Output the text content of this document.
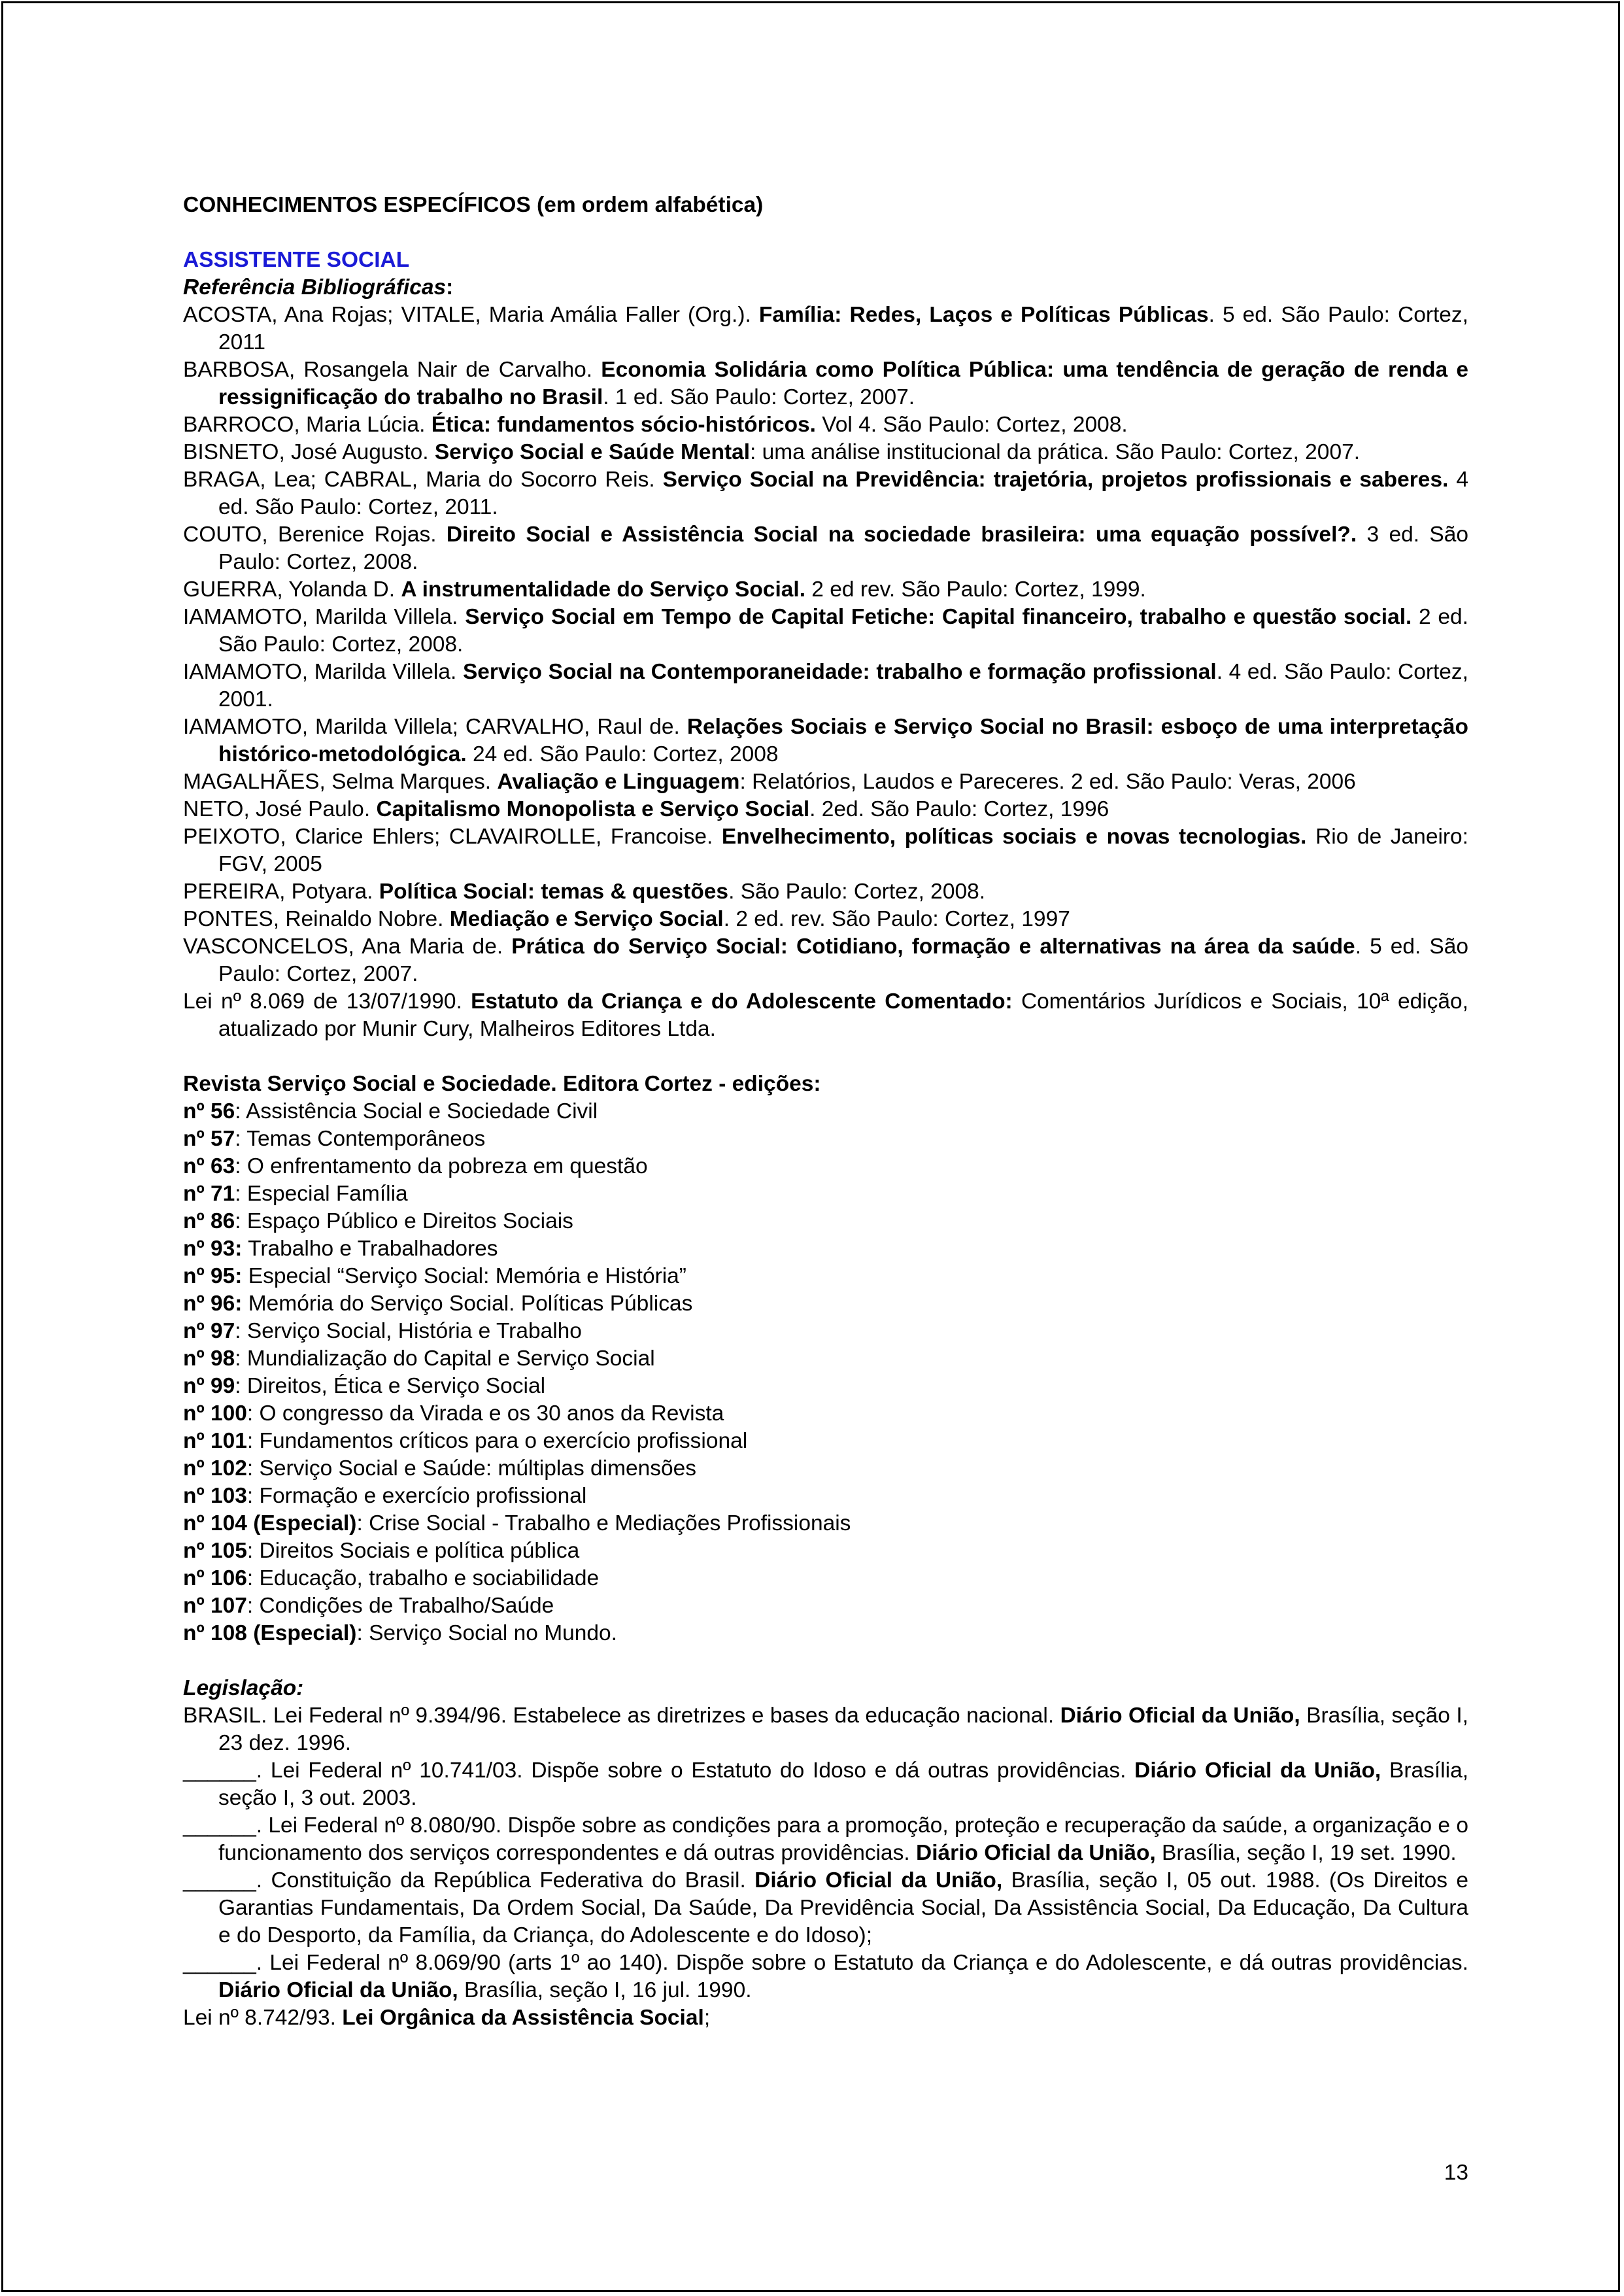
CONHECIMENTOS ESPECÍFICOS (em ordem alfabética)

ASSISTENTE SOCIAL

Referência Bibliográficas:

ACOSTA, Ana Rojas; VITALE, Maria Amália Faller (Org.). Família: Redes, Laços e Políticas Públicas. 5 ed. São Paulo: Cortez, 2011

BARBOSA, Rosangela Nair de Carvalho. Economia Solidária como Política Pública: uma tendência de geração de renda e ressignificação do trabalho no Brasil. 1 ed. São Paulo: Cortez, 2007.

BARROCO, Maria Lúcia. Ética: fundamentos sócio-históricos. Vol 4. São Paulo: Cortez, 2008.

BISNETO, José Augusto. Serviço Social e Saúde Mental: uma análise institucional da prática. São Paulo: Cortez, 2007.

BRAGA, Lea; CABRAL, Maria do Socorro Reis. Serviço Social na Previdência: trajetória, projetos profissionais e saberes. 4 ed. São Paulo: Cortez, 2011.

COUTO, Berenice Rojas. Direito Social e Assistência Social na sociedade brasileira: uma equação possível?. 3 ed. São Paulo: Cortez, 2008.

GUERRA, Yolanda D. A instrumentalidade do Serviço Social. 2 ed rev. São Paulo: Cortez, 1999.

IAMAMOTO, Marilda Villela. Serviço Social em Tempo de Capital Fetiche: Capital financeiro, trabalho e questão social. 2 ed. São Paulo: Cortez, 2008.

IAMAMOTO, Marilda Villela. Serviço Social na Contemporaneidade: trabalho e formação profissional. 4 ed. São Paulo: Cortez, 2001.

IAMAMOTO, Marilda Villela; CARVALHO, Raul de. Relações Sociais e Serviço Social no Brasil: esboço de uma interpretação histórico-metodológica. 24 ed. São Paulo: Cortez, 2008

MAGALHÃES, Selma Marques. Avaliação e Linguagem: Relatórios, Laudos e Pareceres. 2 ed. São Paulo: Veras, 2006

NETO, José Paulo. Capitalismo Monopolista e Serviço Social. 2ed. São Paulo: Cortez, 1996

PEIXOTO, Clarice Ehlers; CLAVAIROLLE, Francoise. Envelhecimento, políticas sociais e novas tecnologias. Rio de Janeiro: FGV, 2005

PEREIRA, Potyara. Política Social: temas & questões. São Paulo: Cortez, 2008.

PONTES, Reinaldo Nobre. Mediação e Serviço Social. 2 ed. rev. São Paulo: Cortez, 1997

VASCONCELOS, Ana Maria de. Prática do Serviço Social: Cotidiano, formação e alternativas na área da saúde. 5 ed. São Paulo: Cortez, 2007.

Lei nº 8.069 de 13/07/1990. Estatuto da Criança e do Adolescente Comentado: Comentários Jurídicos e Sociais, 10ª edição, atualizado por Munir Cury, Malheiros Editores Ltda.

Revista Serviço Social e Sociedade. Editora Cortez - edições:

nº 56: Assistência Social e Sociedade Civil

nº 57: Temas Contemporâneos

nº 63: O enfrentamento da pobreza em questão

nº 71: Especial Família

nº 86: Espaço Público e Direitos Sociais

nº 93: Trabalho e Trabalhadores

nº 95: Especial “Serviço Social: Memória e História”

nº 96: Memória do Serviço Social. Políticas Públicas

nº 97: Serviço Social, História e Trabalho

nº 98: Mundialização do Capital e Serviço Social

nº 99: Direitos, Ética e Serviço Social

nº 100: O congresso da Virada e os 30 anos da Revista

nº 101: Fundamentos críticos para o exercício profissional

nº 102: Serviço Social e Saúde: múltiplas dimensões

nº 103: Formação e exercício profissional

nº 104 (Especial): Crise Social - Trabalho e Mediações Profissionais

nº 105: Direitos Sociais e política pública

nº 106: Educação, trabalho e sociabilidade

nº 107: Condições de Trabalho/Saúde

nº 108 (Especial): Serviço Social no Mundo.

Legislação:

BRASIL. Lei Federal nº 9.394/96. Estabelece as diretrizes e bases da educação nacional. Diário Oficial da União, Brasília, seção I, 23 dez. 1996.

______. Lei Federal nº 10.741/03. Dispõe sobre o Estatuto do Idoso e dá outras providências. Diário Oficial da União, Brasília, seção I, 3 out. 2003.

______. Lei Federal nº 8.080/90. Dispõe sobre as condições para a promoção, proteção e recuperação da saúde, a organização e o funcionamento dos serviços correspondentes e dá outras providências. Diário Oficial da União, Brasília, seção I, 19 set. 1990.

______. Constituição da República Federativa do Brasil. Diário Oficial da União, Brasília, seção I, 05 out. 1988. (Os Direitos e Garantias Fundamentais, Da Ordem Social, Da Saúde, Da Previdência Social, Da Assistência Social, Da Educação, Da Cultura e do Desporto, da Família, da Criança, do Adolescente e do Idoso);

______. Lei Federal nº 8.069/90 (arts 1º ao 140). Dispõe sobre o Estatuto da Criança e do Adolescente, e dá outras providências. Diário Oficial da União, Brasília, seção I, 16 jul. 1990.

Lei nº 8.742/93. Lei Orgânica da Assistência Social;

13
